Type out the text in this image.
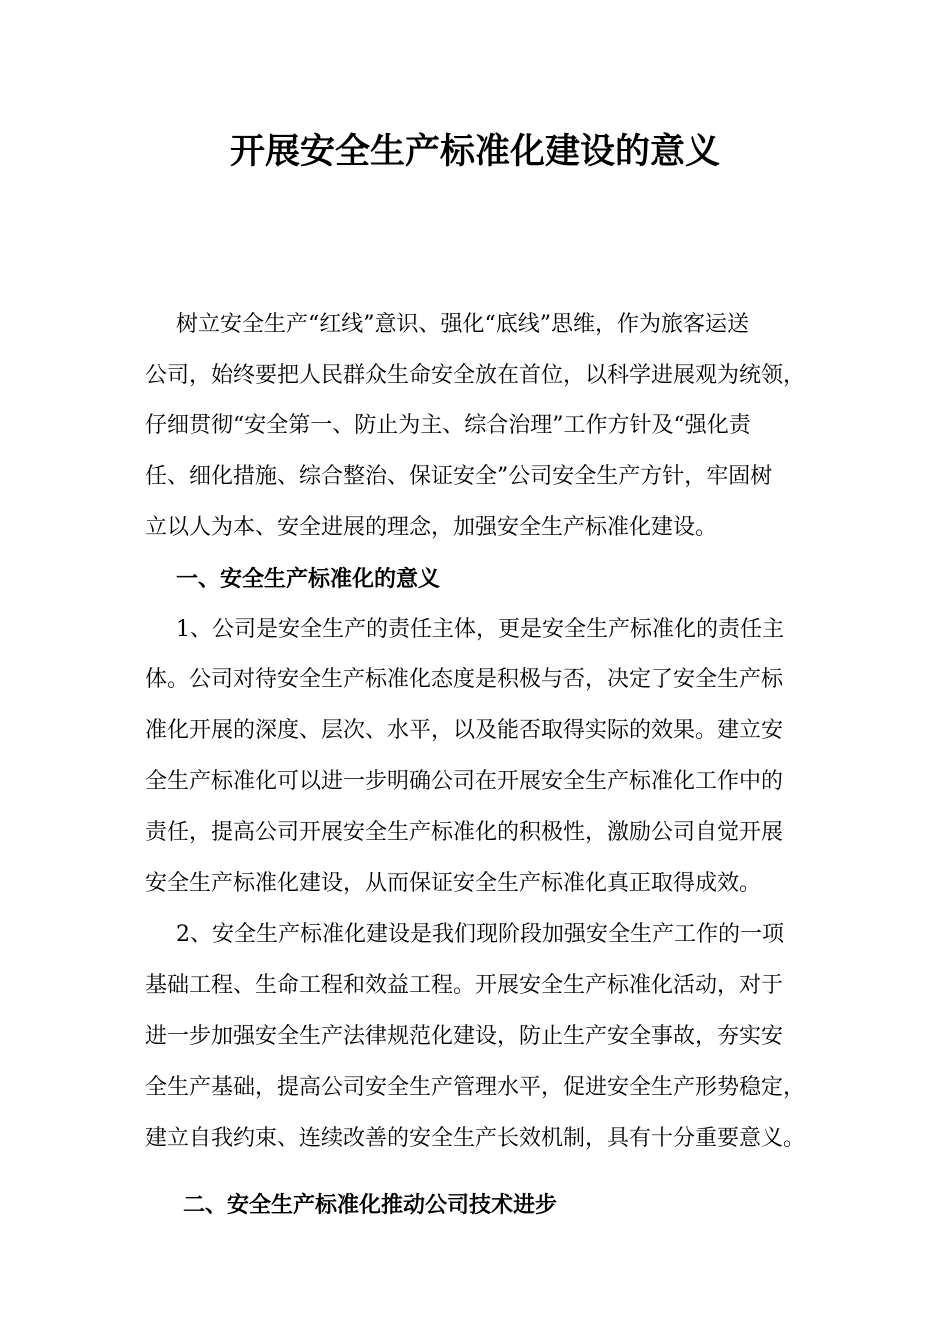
开展安全生产标准化建设的意义
树立安全生产“红线”意识、强化“底线”思维，作为旅客运送
公司，始终要把人民群众生命安全放在首位，以科学进展观为统领，
仔细贯彻“安全第一、防止为主、综合治理”工作方针及“强化责
任、细化措施、综合整治、保证安全”公司安全生产方针，牢固树
立以人为本、安全进展的理念，加强安全生产标准化建设。
一、安全生产标准化的意义
1、公司是安全生产的责任主体，更是安全生产标准化的责任主
体。公司对待安全生产标准化态度是积极与否，决定了安全生产标
准化开展的深度、层次、水平，以及能否取得实际的效果。建立安
全生产标准化可以进一步明确公司在开展安全生产标准化工作中的
责任，提高公司开展安全生产标准化的积极性，激励公司自觉开展
安全生产标准化建设，从而保证安全生产标准化真正取得成效。
2、安全生产标准化建设是我们现阶段加强安全生产工作的一项
基础工程、生命工程和效益工程。开展安全生产标准化活动，对于
进一步加强安全生产法律规范化建设，防止生产安全事故，夯实安
全生产基础，提高公司安全生产管理水平，促进安全生产形势稳定，
建立自我约束、连续改善的安全生产长效机制，具有十分重要意义。
二、安全生产标准化推动公司技术进步
